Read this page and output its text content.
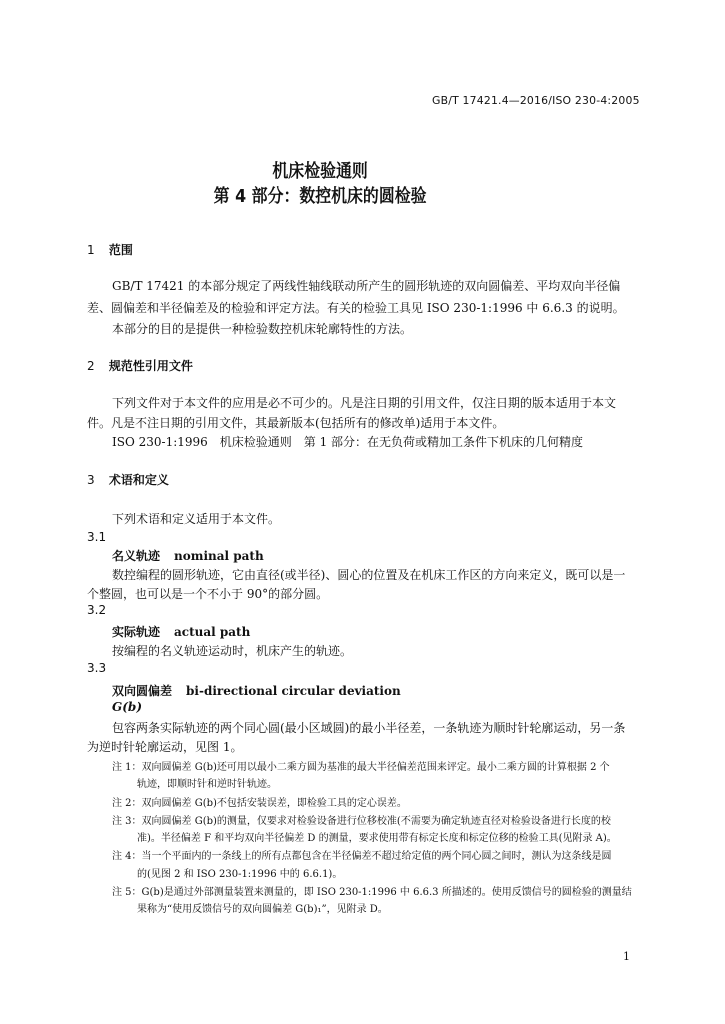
GB/T 17421.4—2016/ISO 230-4:2005
机床检验通则
第 4 部分：数控机床的圆检验
1 范围
GB/T 17421 的本部分规定了两线性轴线联动所产生的圆形轨迹的双向圆偏差、平均双向半径偏
差、圆偏差和半径偏差及的检验和评定方法。有关的检验工具见 ISO 230-1:1996 中 6.6.3 的说明。
本部分的目的是提供一种检验数控机床轮廓特性的方法。
2 规范性引用文件
下列文件对于本文件的应用是必不可少的。凡是注日期的引用文件，仅注日期的版本适用于本文
件。凡是不注日期的引用文件，其最新版本(包括所有的修改单)适用于本文件。
ISO 230-1:1996　机床检验通则　第 1 部分：在无负荷或精加工条件下机床的几何精度
3 术语和定义
下列术语和定义适用于本文件。
3.1
名义轨迹 nominal path
数控编程的圆形轨迹，它由直径(或半径)、圆心的位置及在机床工作区的方向来定义，既可以是一
个整圆，也可以是一个不小于 90°的部分圆。
3.2
实际轨迹 actual path
按编程的名义轨迹运动时，机床产生的轨迹。
3.3
双向圆偏差 bi-directional circular deviation
G(b)
包容两条实际轨迹的两个同心圆(最小区域圆)的最小半径差，一条轨迹为顺时针轮廓运动，另一条
为逆时针轮廓运动，见图 1。
注 1：双向圆偏差 G(b)还可用以最小二乘方圆为基准的最大半径偏差范围来评定。最小二乘方圆的计算根据 2 个
轨迹，即顺时针和逆时针轨迹。
注 2：双向圆偏差 G(b)不包括安装误差，即检验工具的定心误差。
注 3：双向圆偏差 G(b)的测量，仅要求对检验设备进行位移校准(不需要为确定轨迹直径对检验设备进行长度的校
准)。半径偏差 F 和平均双向半径偏差 D 的测量，要求使用带有标定长度和标定位移的检验工具(见附录 A)。
注 4：当一个平面内的一条线上的所有点都包含在半径偏差不超过给定值的两个同心圆之间时，测认为这条线是圆
的(见图 2 和 ISO 230-1:1996 中的 6.6.1)。
注 5：G(b)是通过外部测量装置来测量的，即 ISO 230-1:1996 中 6.6.3 所描述的。使用反馈信号的圆检验的测量结
果称为“使用反馈信号的双向圆偏差 G(b)₁”，见附录 D。
1
